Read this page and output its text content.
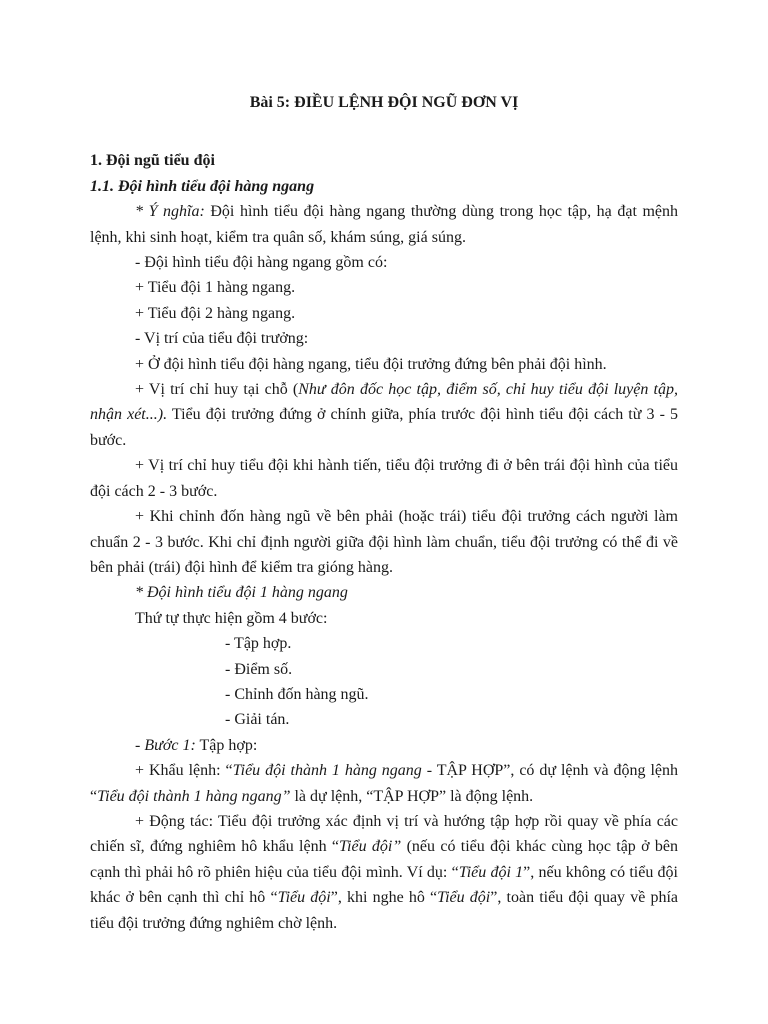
Bài 5: ĐIỀU LỆNH ĐỘI NGŨ ĐƠN VỊ

1. Đội ngũ tiểu đội

1.1. Đội hình tiểu đội hàng ngang

* Ý nghĩa: Đội hình tiểu đội hàng ngang thường dùng trong học tập, hạ đạt mệnh lệnh, khi sinh hoạt, kiểm tra quân số, khám súng, giá súng.

- Đội hình tiểu đội hàng ngang gồm có:

+ Tiểu đội 1 hàng ngang.

+ Tiểu đội 2 hàng ngang.

- Vị trí của tiểu đội trưởng:

+ Ở đội hình tiểu đội hàng ngang, tiểu đội trưởng đứng bên phải đội hình.

+ Vị trí chỉ huy tại chỗ (Như đôn đốc học tập, điểm số, chỉ huy tiểu đội luyện tập, nhận xét...). Tiểu đội trưởng đứng ở chính giữa, phía trước đội hình tiểu đội cách từ 3 - 5 bước.

+ Vị trí chỉ huy tiểu đội khi hành tiến, tiểu đội trưởng đi ở bên trái đội hình của tiểu đội cách 2 - 3 bước.

+ Khi chỉnh đốn hàng ngũ về bên phải (hoặc trái) tiểu đội trưởng cách người làm chuẩn 2 - 3 bước. Khi chỉ định người giữa đội hình làm chuẩn, tiểu đội trưởng có thể đi về bên phải (trái) đội hình để kiểm tra gióng hàng.

* Đội hình tiểu đội 1 hàng ngang

Thứ tự thực hiện gồm 4 bước:

- Tập hợp.

- Điểm số.

- Chỉnh đốn hàng ngũ.

- Giải tán.

- Bước 1: Tập hợp:

+ Khẩu lệnh: “Tiểu đội thành 1 hàng ngang - TẬP HỢP”, có dự lệnh và động lệnh “Tiểu đội thành 1 hàng ngang” là dự lệnh, “TẬP HỢP” là động lệnh.

+ Động tác: Tiểu đội trưởng xác định vị trí và hướng tập hợp rồi quay về phía các chiến sĩ, đứng nghiêm hô khẩu lệnh “Tiểu đội” (nếu có tiểu đội khác cùng học tập ở bên cạnh thì phải hô rõ phiên hiệu của tiểu đội mình. Ví dụ: “Tiểu đội 1”, nếu không có tiểu đội khác ở bên cạnh thì chỉ hô “Tiểu đội”, khi nghe hô “Tiểu đội”, toàn tiểu đội quay về phía tiểu đội trưởng đứng nghiêm chờ lệnh.
